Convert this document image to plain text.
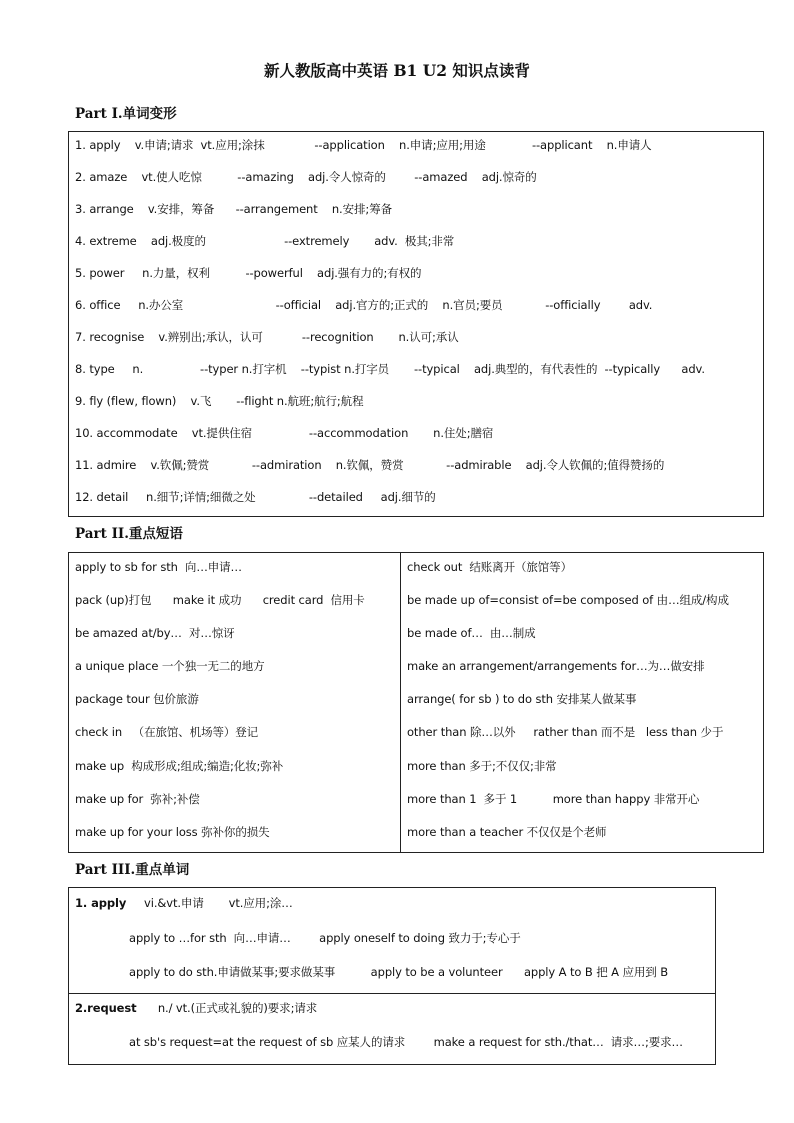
新人教版高中英语 B1 U2 知识点读背
Part I.单词变形
1. apply    v.申请;请求  vt.应用;涂抹              --application    n.申请;应用;用途             --applicant    n.申请人
2. amaze    vt.使人吃惊          --amazing    adj.令人惊奇的        --amazed    adj.惊奇的
3. arrange    v.安排，筹备      --arrangement    n.安排;筹备
4. extreme    adj.极度的                      --extremely       adv.  极其;非常
5. power     n.力量，权利          --powerful    adj.强有力的;有权的
6. office     n.办公室                          --official    adj.官方的;正式的    n.官员;要员            --officially        adv.
7. recognise    v.辨别出;承认，认可           --recognition       n.认可;承认
8. type     n.                --typer n.打字机    --typist n.打字员       --typical    adj.典型的，有代表性的  --typically      adv.
9. fly (flew, flown)    v.飞       --flight n.航班;航行;航程
10. accommodate    vt.提供住宿                --accommodation       n.住处;膳宿
11. admire    v.钦佩;赞赏            --admiration    n.钦佩，赞赏            --admirable    adj.令人钦佩的;值得赞扬的
12. detail     n.细节;详情;细微之处               --detailed     adj.细节的
Part II.重点短语
apply to sb for sth  向…申请…
pack (up)打包      make it 成功      credit card  信用卡
be amazed at/by…  对…惊讶
a unique place 一个独一无二的地方
package tour 包价旅游
check in   （在旅馆、机场等）登记
make up  构成形成;组成;编造;化妆;弥补
make up for  弥补;补偿
make up for your loss 弥补你的损失
check out  结账离开（旅馆等）
be made up of=consist of=be composed of 由…组成/构成
be made of…  由…制成
make an arrangement/arrangements for…为…做安排
arrange( for sb ) to do sth 安排某人做某事
other than 除…以外     rather than 而不是   less than 少于
more than 多于;不仅仅;非常
more than 1  多于 1          more than happy 非常开心
more than a teacher 不仅仅是个老师
Part III.重点单词
1. apply     vi.&vt.申请       vt.应用;涂…
apply to …for sth  向…申请…        apply oneself to doing 致力于;专心于
apply to do sth.申请做某事;要求做某事          apply to be a volunteer      apply A to B 把 A 应用到 B
2.request      n./ vt.(正式或礼貌的)要求;请求
at sb's request=at the request of sb 应某人的请求        make a request for sth./that…  请求…;要求…
